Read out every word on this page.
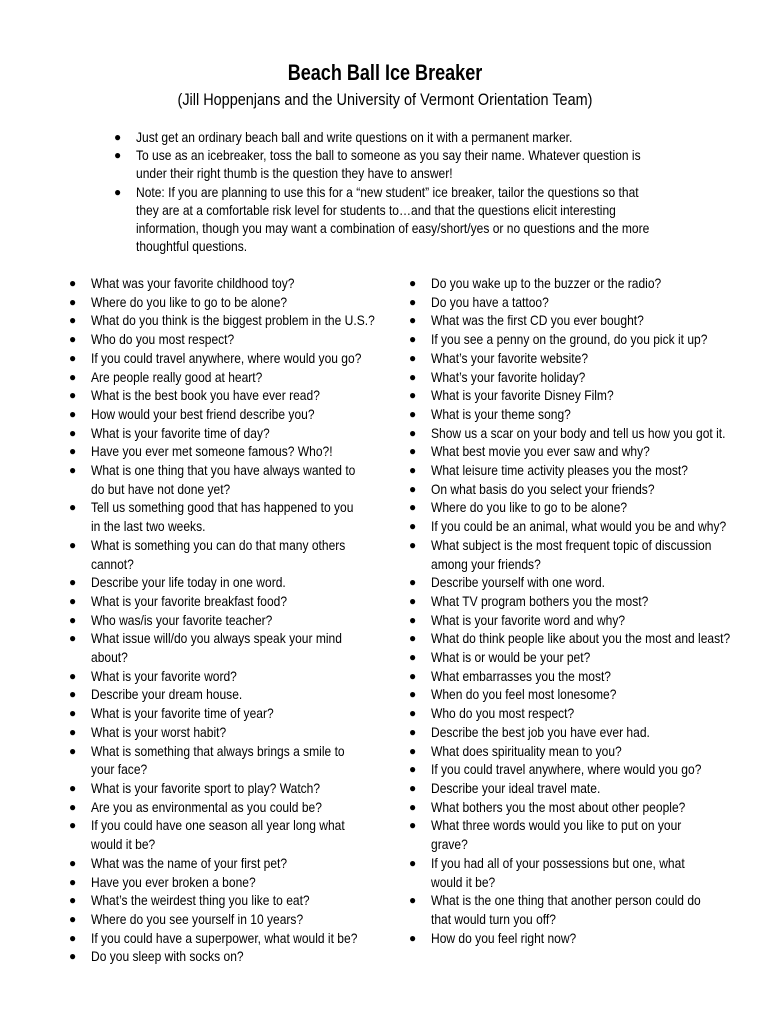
Beach Ball Ice Breaker
(Jill Hoppenjans and the University of Vermont Orientation Team)
● Just get an ordinary beach ball and write questions on it with a permanent marker.
● To use as an icebreaker, toss the ball to someone as you say their name. Whatever question is
under their right thumb is the question they have to answer!
● Note: If you are planning to use this for a “new student” ice breaker, tailor the questions so that
they are at a comfortable risk level for students to…and that the questions elicit interesting
information, though you may want a combination of easy/short/yes or no questions and the more
thoughtful questions.
● What was your favorite childhood toy?
● Where do you like to go to be alone?
● What do you think is the biggest problem in the U.S.?
● Who do you most respect?
● If you could travel anywhere, where would you go?
● Are people really good at heart?
● What is the best book you have ever read?
● How would your best friend describe you?
● What is your favorite time of day?
● Have you ever met someone famous? Who?!
● What is one thing that you have always wanted to
do but have not done yet?
● Tell us something good that has happened to you
in the last two weeks.
● What is something you can do that many others
cannot?
● Describe your life today in one word.
● What is your favorite breakfast food?
● Who was/is your favorite teacher?
● What issue will/do you always speak your mind
about?
● What is your favorite word?
● Describe your dream house.
● What is your favorite time of year?
● What is your worst habit?
● What is something that always brings a smile to
your face?
● What is your favorite sport to play? Watch?
● Are you as environmental as you could be?
● If you could have one season all year long what
would it be?
● What was the name of your first pet?
● Have you ever broken a bone?
● What’s the weirdest thing you like to eat?
● Where do you see yourself in 10 years?
● If you could have a superpower, what would it be?
● Do you sleep with socks on?
● Do you wake up to the buzzer or the radio?
● Do you have a tattoo?
● What was the first CD you ever bought?
● If you see a penny on the ground, do you pick it up?
● What’s your favorite website?
● What’s your favorite holiday?
● What is your favorite Disney Film?
● What is your theme song?
● Show us a scar on your body and tell us how you got it.
● What best movie you ever saw and why?
● What leisure time activity pleases you the most?
● On what basis do you select your friends?
● Where do you like to go to be alone?
● If you could be an animal, what would you be and why?
● What subject is the most frequent topic of discussion
among your friends?
● Describe yourself with one word.
● What TV program bothers you the most?
● What is your favorite word and why?
● What do think people like about you the most and least?
● What is or would be your pet?
● What embarrasses you the most?
● When do you feel most lonesome?
● Who do you most respect?
● Describe the best job you have ever had.
● What does spirituality mean to you?
● If you could travel anywhere, where would you go?
● Describe your ideal travel mate.
● What bothers you the most about other people?
● What three words would you like to put on your
grave?
● If you had all of your possessions but one, what
would it be?
● What is the one thing that another person could do
that would turn you off?
● How do you feel right now?
